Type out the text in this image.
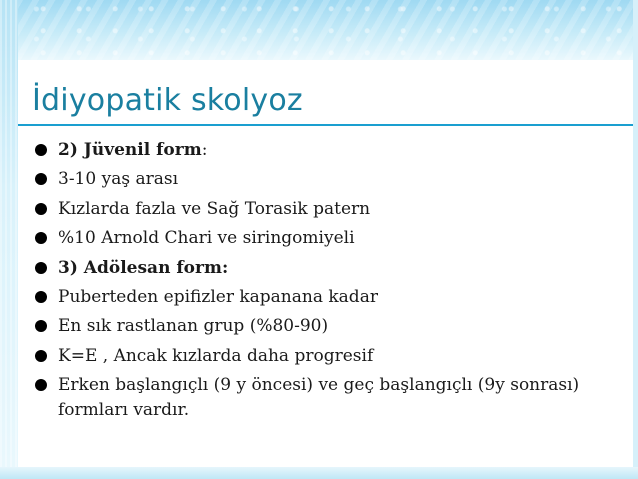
İdiyopatik skolyoz
2) Jüvenil form:
3-10 yaş arası
Kızlarda fazla ve Sağ Torasik patern
%10 Arnold Chari ve siringomiyeli
3) Adölesan form:
Puberteden epifizler kapanana kadar
En sık rastlanan grup (%80-90)
K=E , Ancak kızlarda daha progresif
Erken başlangıçlı (9 y öncesi) ve geç başlangıçlı (9y sonrası) formları vardır.
